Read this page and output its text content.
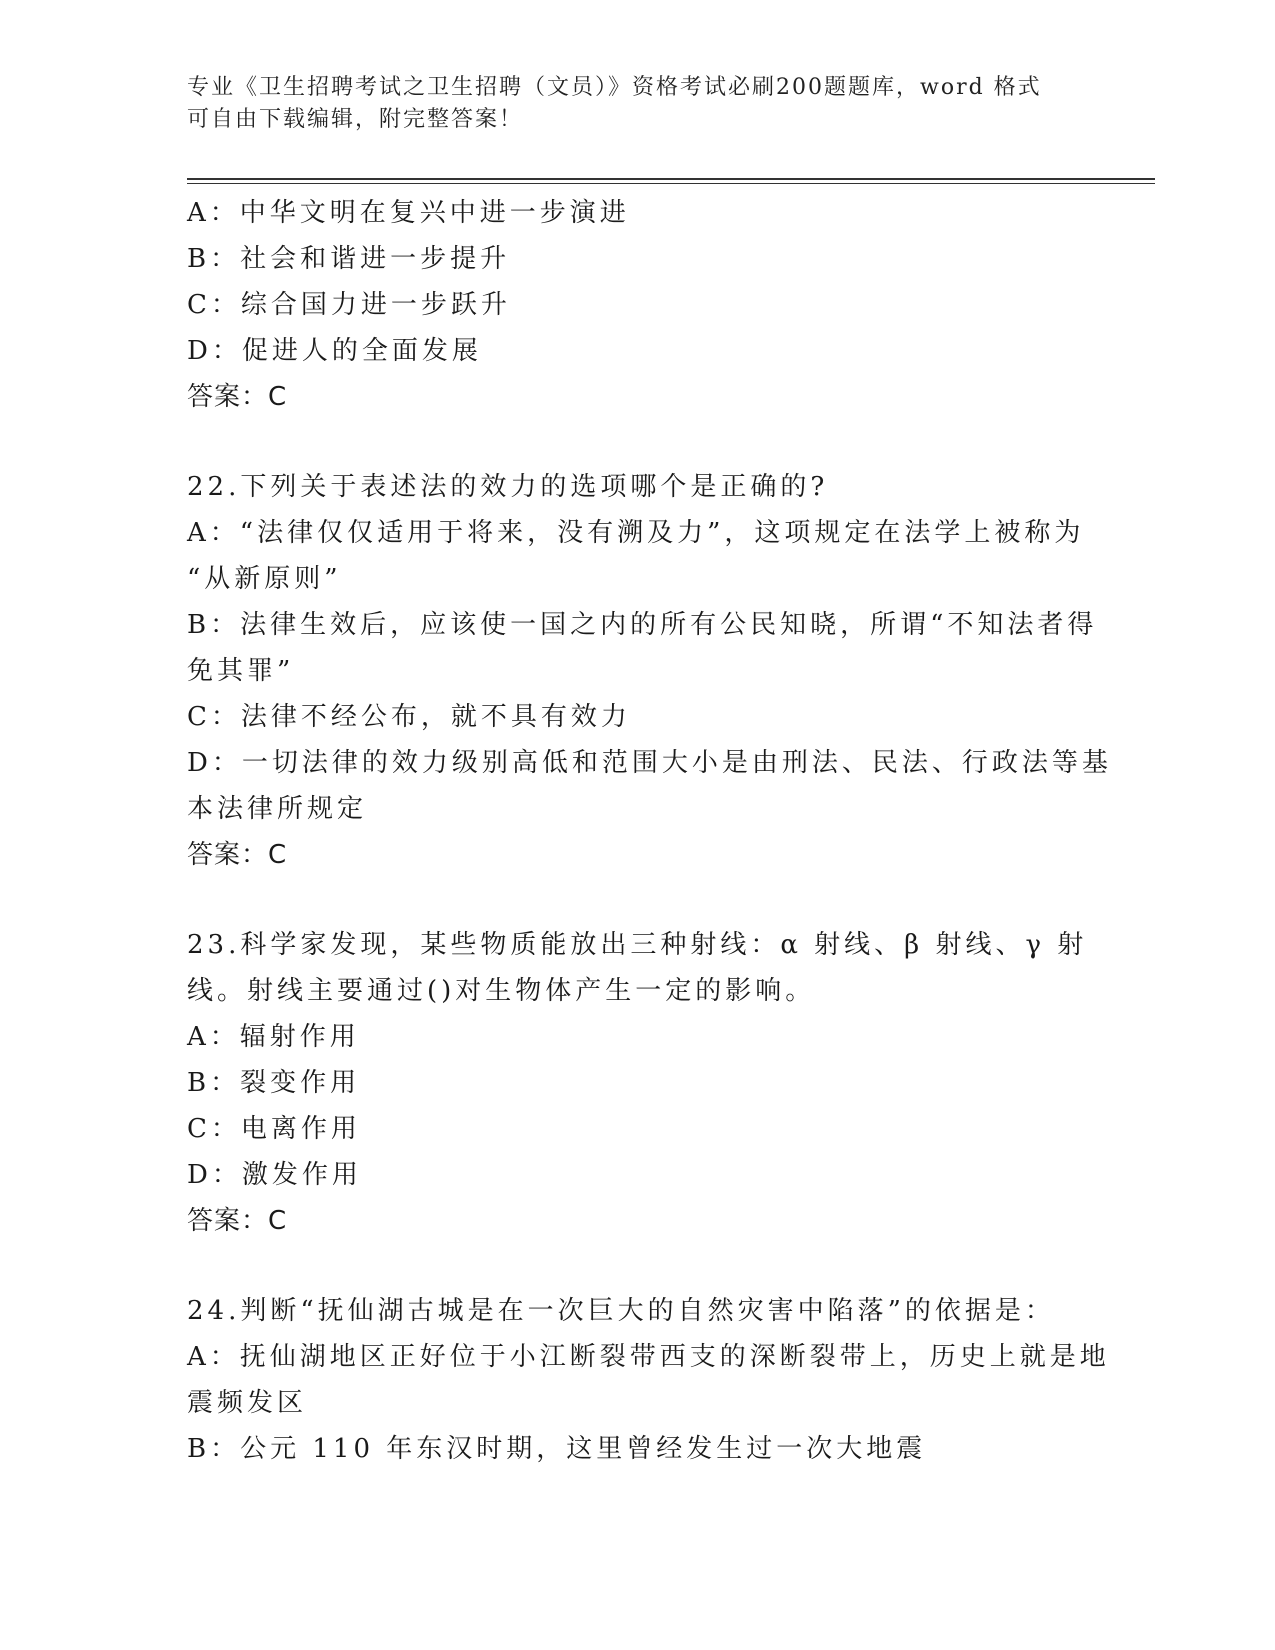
专业《卫生招聘考试之卫生招聘（文员）》资格考试必刷200题题库，word 格式
可自由下载编辑，附完整答案！
A：中华文明在复兴中进一步演进
B：社会和谐进一步提升
C：综合国力进一步跃升
D：促进人的全面发展
答案：C
22.下列关于表述法的效力的选项哪个是正确的?
A：“法律仅仅适用于将来，没有溯及力”，这项规定在法学上被称为
“从新原则”
B：法律生效后，应该使一国之内的所有公民知晓，所谓“不知法者得
免其罪”
C：法律不经公布，就不具有效力
D：一切法律的效力级别高低和范围大小是由刑法、民法、行政法等基
本法律所规定
答案：C
23.科学家发现，某些物质能放出三种射线：α 射线、β 射线、γ 射
线。射线主要通过()对生物体产生一定的影响。
A：辐射作用
B：裂变作用
C：电离作用
D：激发作用
答案：C
24.判断“抚仙湖古城是在一次巨大的自然灾害中陷落”的依据是：
A：抚仙湖地区正好位于小江断裂带西支的深断裂带上，历史上就是地
震频发区
B：公元 110 年东汉时期，这里曾经发生过一次大地震
